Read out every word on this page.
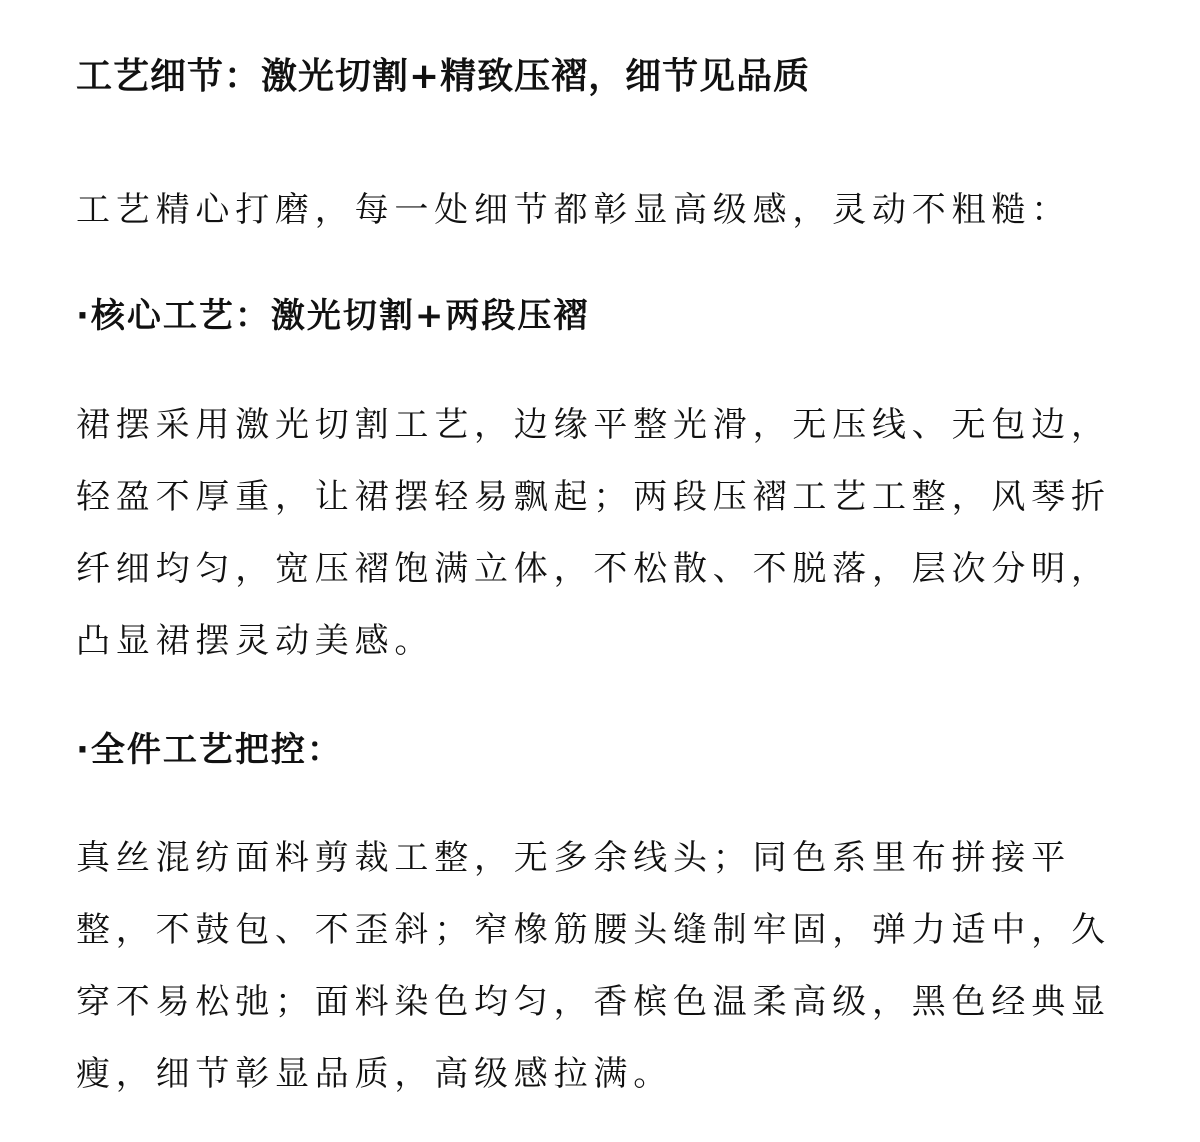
工艺细节：激光切割+精致压褶，细节见品质
工艺精心打磨，每一处细节都彰显高级感，灵动不粗糙：
·核心工艺：激光切割+两段压褶
裙摆采用激光切割工艺，边缘平整光滑，无压线、无包边，
轻盈不厚重，让裙摆轻易飘起；两段压褶工艺工整，风琴折
纤细均匀，宽压褶饱满立体，不松散、不脱落，层次分明，
凸显裙摆灵动美感。
·全件工艺把控：
真丝混纺面料剪裁工整，无多余线头；同色系里布拼接平
整，不鼓包、不歪斜；窄橡筋腰头缝制牢固，弹力适中，久
穿不易松弛；面料染色均匀，香槟色温柔高级，黑色经典显
瘦，细节彰显品质，高级感拉满。
